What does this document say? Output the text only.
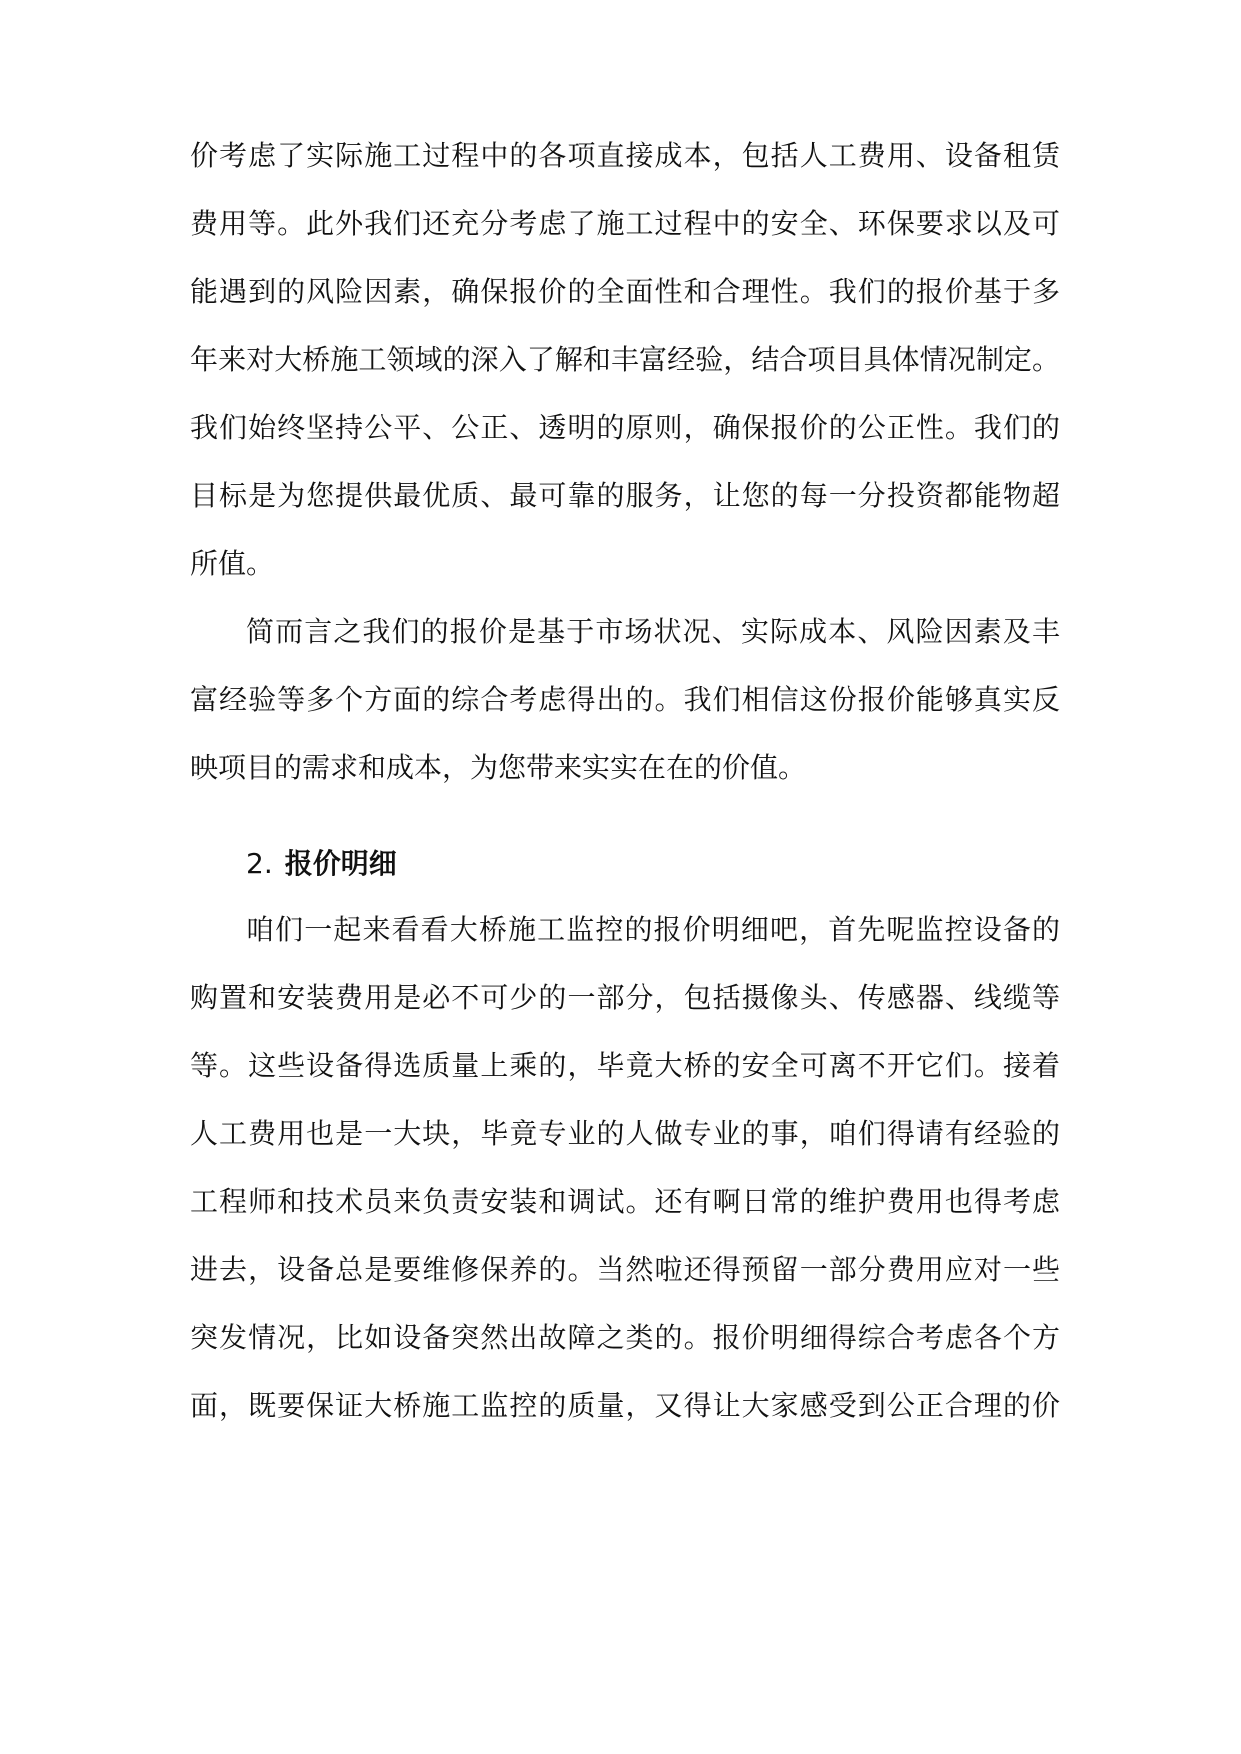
价考虑了实际施工过程中的各项直接成本，包括人工费用、设备租赁
费用等。此外我们还充分考虑了施工过程中的安全、环保要求以及可
能遇到的风险因素，确保报价的全面性和合理性。我们的报价基于多
年来对大桥施工领域的深入了解和丰富经验，结合项目具体情况制定。
我们始终坚持公平、公正、透明的原则，确保报价的公正性。我们的
目标是为您提供最优质、最可靠的服务，让您的每一分投资都能物超
所值。
简而言之我们的报价是基于市场状况、实际成本、风险因素及丰
富经验等多个方面的综合考虑得出的。我们相信这份报价能够真实反
映项目的需求和成本，为您带来实实在在的价值。
2. 报价明细
咱们一起来看看大桥施工监控的报价明细吧，首先呢监控设备的
购置和安装费用是必不可少的一部分，包括摄像头、传感器、线缆等
等。这些设备得选质量上乘的，毕竟大桥的安全可离不开它们。接着
人工费用也是一大块，毕竟专业的人做专业的事，咱们得请有经验的
工程师和技术员来负责安装和调试。还有啊日常的维护费用也得考虑
进去，设备总是要维修保养的。当然啦还得预留一部分费用应对一些
突发情况，比如设备突然出故障之类的。报价明细得综合考虑各个方
面，既要保证大桥施工监控的质量，又得让大家感受到公正合理的价
